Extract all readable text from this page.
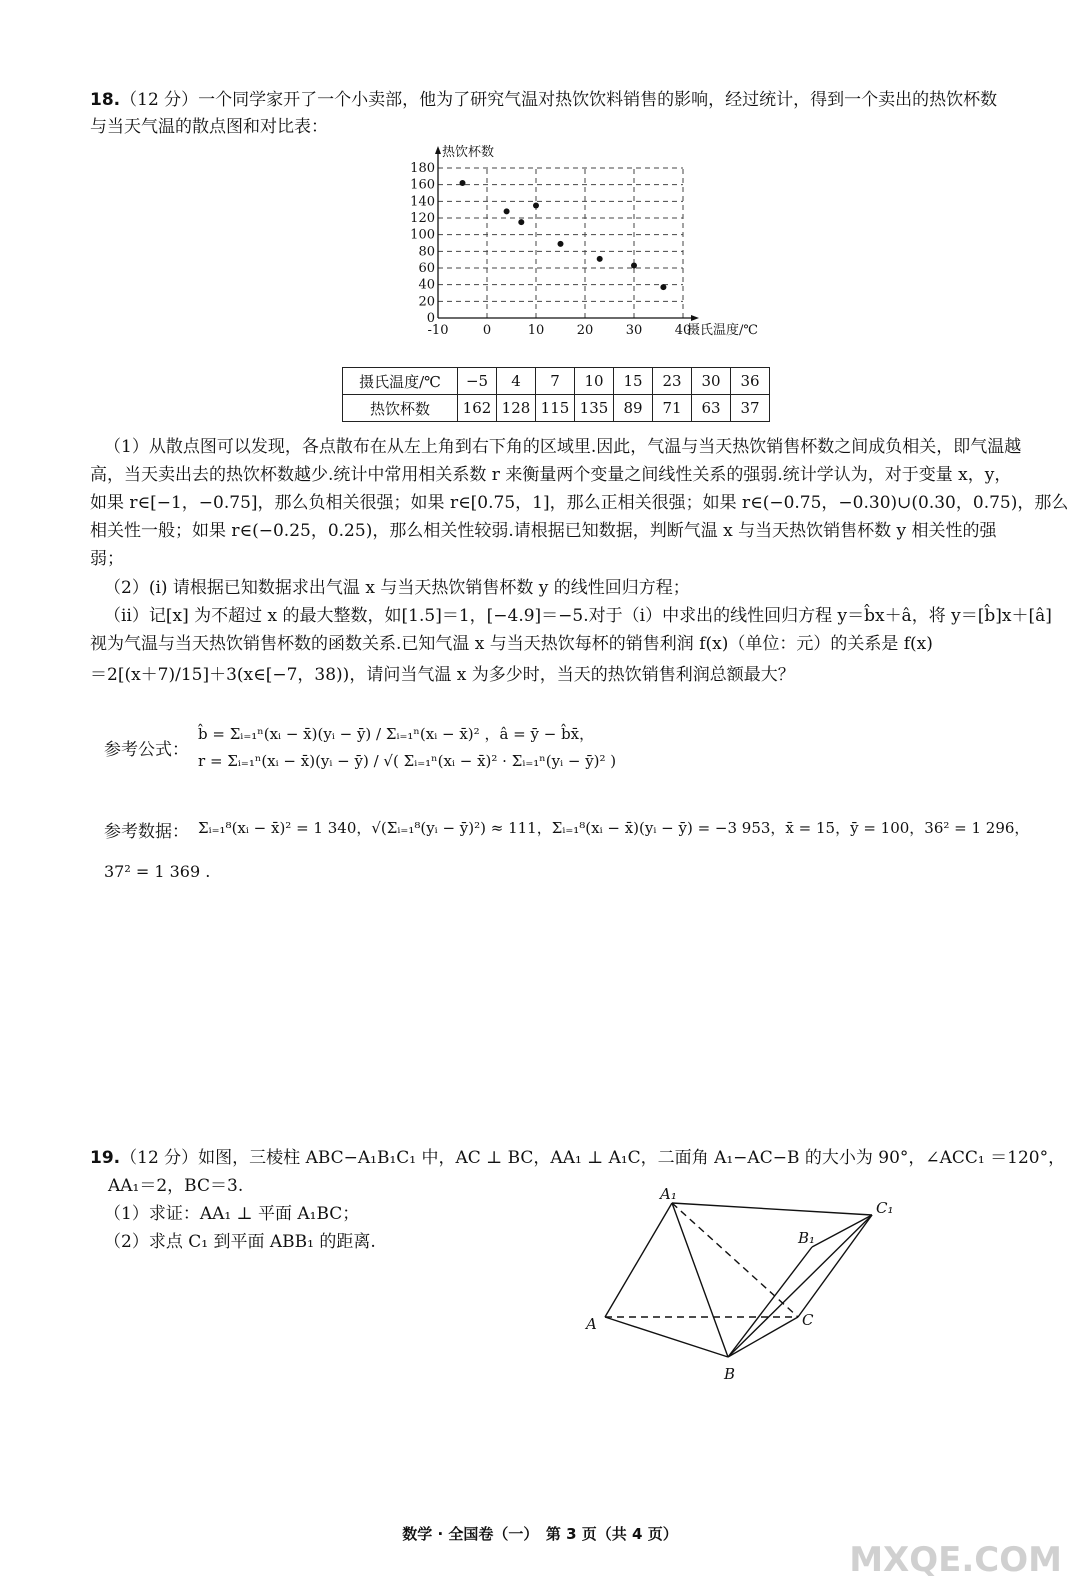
18.（12 分）一个同学家开了一个小卖部，他为了研究气温对热饮饮料销售的影响，经过统计，得到一个卖出的热饮杯数
与当天气温的散点图和对比表：
0
20
40
60
80
100
120
140
160
180
-10	0	10 20 30 40
热饮杯数
摄氏温度/℃
摄氏温度/℃	−5	4	7	10	15	23	30	36
热饮杯数	162	128	115	135	89	71	63	37
（1）从散点图可以发现，各点散布在从左上角到右下角的区域里.因此，气温与当天热饮销售杯数之间成负相关，即气温越
高，当天卖出去的热饮杯数越少.统计中常用相关系数 r 来衡量两个变量之间线性关系的强弱.统计学认为，对于变量 x，y，
如果 r∈[−1，−0.75]，那么负相关很强；如果 r∈[0.75，1]，那么正相关很强；如果 r∈(−0.75，−0.30)∪(0.30，0.75)，那么
相关性一般；如果 r∈(−0.25，0.25)，那么相关性较弱.请根据已知数据，判断气温 x 与当天热饮销售杯数 y 相关性的强
弱；
（2）(ⅰ) 请根据已知数据求出气温 x 与当天热饮销售杯数 y 的线性回归方程；
（ⅱ）记[x] 为不超过 x 的最大整数，如[1.5]＝1，[−4.9]＝−5.对于（ⅰ）中求出的线性回归方程 y＝b̂x＋â，将 y＝[b̂]x＋[â]
视为气温与当天热饮销售杯数的函数关系.已知气温 x 与当天热饮每杯的销售利润 f(x)（单位：元）的关系是 f(x)
＝2[(x＋7)/15]＋3(x∈[−7，38))，请问当气温 x 为多少时，当天的热饮销售利润总额最大？
参考公式：
b̂ = Σᵢ₌₁ⁿ(xᵢ − x̄)(yᵢ − ȳ) / Σᵢ₌₁ⁿ(xᵢ − x̄)² ，â = ȳ − b̂x̄，
r = Σᵢ₌₁ⁿ(xᵢ − x̄)(yᵢ − ȳ) / √( Σᵢ₌₁ⁿ(xᵢ − x̄)² · Σᵢ₌₁ⁿ(yᵢ − ȳ)² )
参考数据： Σᵢ₌₁⁸(xᵢ − x̄)² = 1 340，√(Σᵢ₌₁⁸(yᵢ − ȳ)²) ≈ 111，Σᵢ₌₁⁸(xᵢ − x̄)(yᵢ − ȳ) = −3 953，x̄ = 15，ȳ = 100，36² = 1 296，
37² = 1 369 .
19.（12 分）如图，三棱柱 ABC−A₁B₁C₁ 中，AC ⊥ BC，AA₁ ⊥ A₁C，二面角 A₁−AC−B 的大小为 90°，∠ACC₁ ＝120°，
AA₁＝2，BC＝3.
（1）求证：AA₁ ⊥ 平面 A₁BC；
（2）求点 C₁ 到平面 ABB₁ 的距离.
A₁
C₁
B₁
A	C
B
数学 · 全国卷（一）　第 3 页（共 4 页）
MXQE.COM
